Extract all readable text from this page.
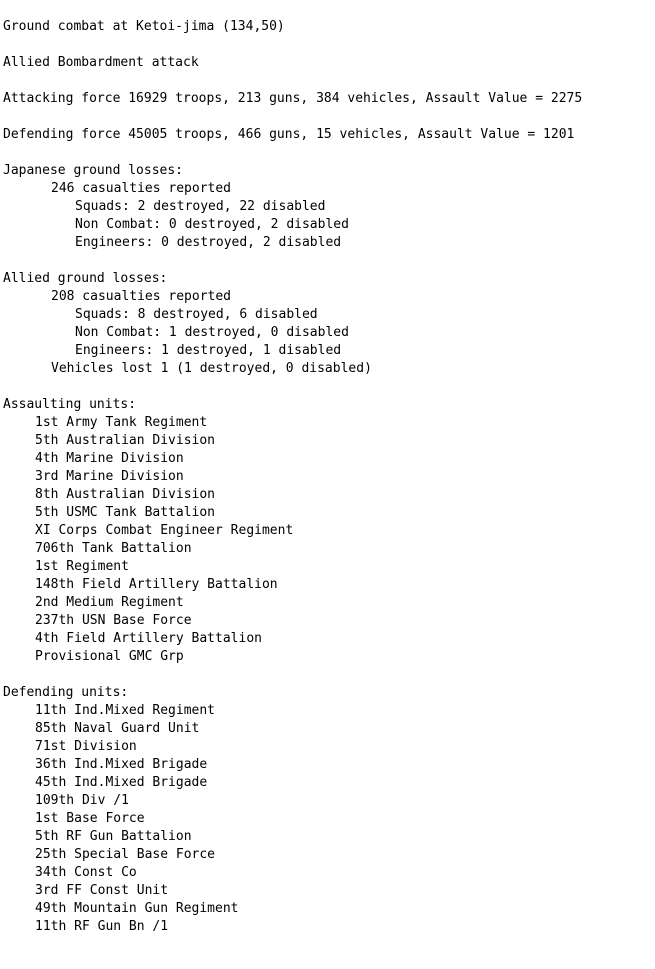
Ground combat at Ketoi-jima (134,50)
Allied Bombardment attack
Attacking force 16929 troops, 213 guns, 384 vehicles, Assault Value = 2275
Defending force 45005 troops, 466 guns, 15 vehicles, Assault Value = 1201
Japanese ground losses:
246 casualties reported
Squads: 2 destroyed, 22 disabled
Non Combat: 0 destroyed, 2 disabled
Engineers: 0 destroyed, 2 disabled
Allied ground losses:
208 casualties reported
Squads: 8 destroyed, 6 disabled
Non Combat: 1 destroyed, 0 disabled
Engineers: 1 destroyed, 1 disabled
Vehicles lost 1 (1 destroyed, 0 disabled)
Assaulting units:
1st Army Tank Regiment
5th Australian Division
4th Marine Division
3rd Marine Division
8th Australian Division
5th USMC Tank Battalion
XI Corps Combat Engineer Regiment
706th Tank Battalion
1st Regiment
148th Field Artillery Battalion
2nd Medium Regiment
237th USN Base Force
4th Field Artillery Battalion
Provisional GMC Grp
Defending units:
11th Ind.Mixed Regiment
85th Naval Guard Unit
71st Division
36th Ind.Mixed Brigade
45th Ind.Mixed Brigade
109th Div /1
1st Base Force
5th RF Gun Battalion
25th Special Base Force
34th Const Co
3rd FF Const Unit
49th Mountain Gun Regiment
11th RF Gun Bn /1
